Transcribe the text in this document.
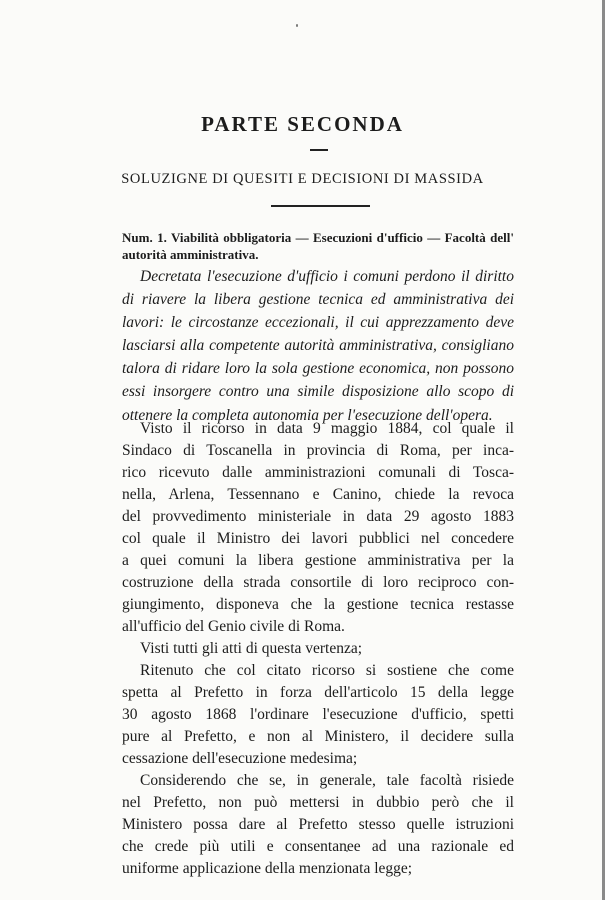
PARTE SECONDA
SOLUZIGNE DI QUESITI E DECISIONI DI MASSIDA
Num. 1. Viabilità obbligatoria — Esecuzioni d'ufficio — Facoltà dell' autorità amministrativa.
Decretata l'esecuzione d'ufficio i comuni perdono il diritto di riavere la libera gestione tecnica ed amministrativa dei lavori: le circostanze eccezionali, il cui apprezzamento deve lasciarsi alla competente autorità amministrativa, consigliano talora di ridare loro la sola gestione economica, non possono essi insorgere contro una simile disposizione allo scopo di ottenere la completa autonomia per l'esecuzione dell'opera.
Visto il ricorso in data 9 maggio 1884, col quale il
Sindaco di Toscanella in provincia di Roma, per inca-
rico ricevuto dalle amministrazioni comunali di Tosca-
nella, Arlena, Tessennano e Canino, chiede la revoca
del provvedimento ministeriale in data 29 agosto 1883
col quale il Ministro dei lavori pubblici nel concedere
a quei comuni la libera gestione amministrativa per la
costruzione della strada consortile di loro reciproco con-
giungimento, disponeva che la gestione tecnica restasse
all'ufficio del Genio civile di Roma.
Visti tutti gli atti di questa vertenza;
Ritenuto che col citato ricorso si sostiene che come
spetta al Prefetto in forza dell'articolo 15 della legge
30 agosto 1868 l'ordinare l'esecuzione d'ufficio, spetti
pure al Prefetto, e non al Ministero, il decidere sulla
cessazione dell'esecuzione medesima;
Considerendo che se, in generale, tale facoltà risiede
nel Prefetto, non può mettersi in dubbio però che il
Ministero possa dare al Prefetto stesso quelle istruzioni
che crede più utili e consentanee ad una razionale ed
uniforme applicazione della menzionata legge;
